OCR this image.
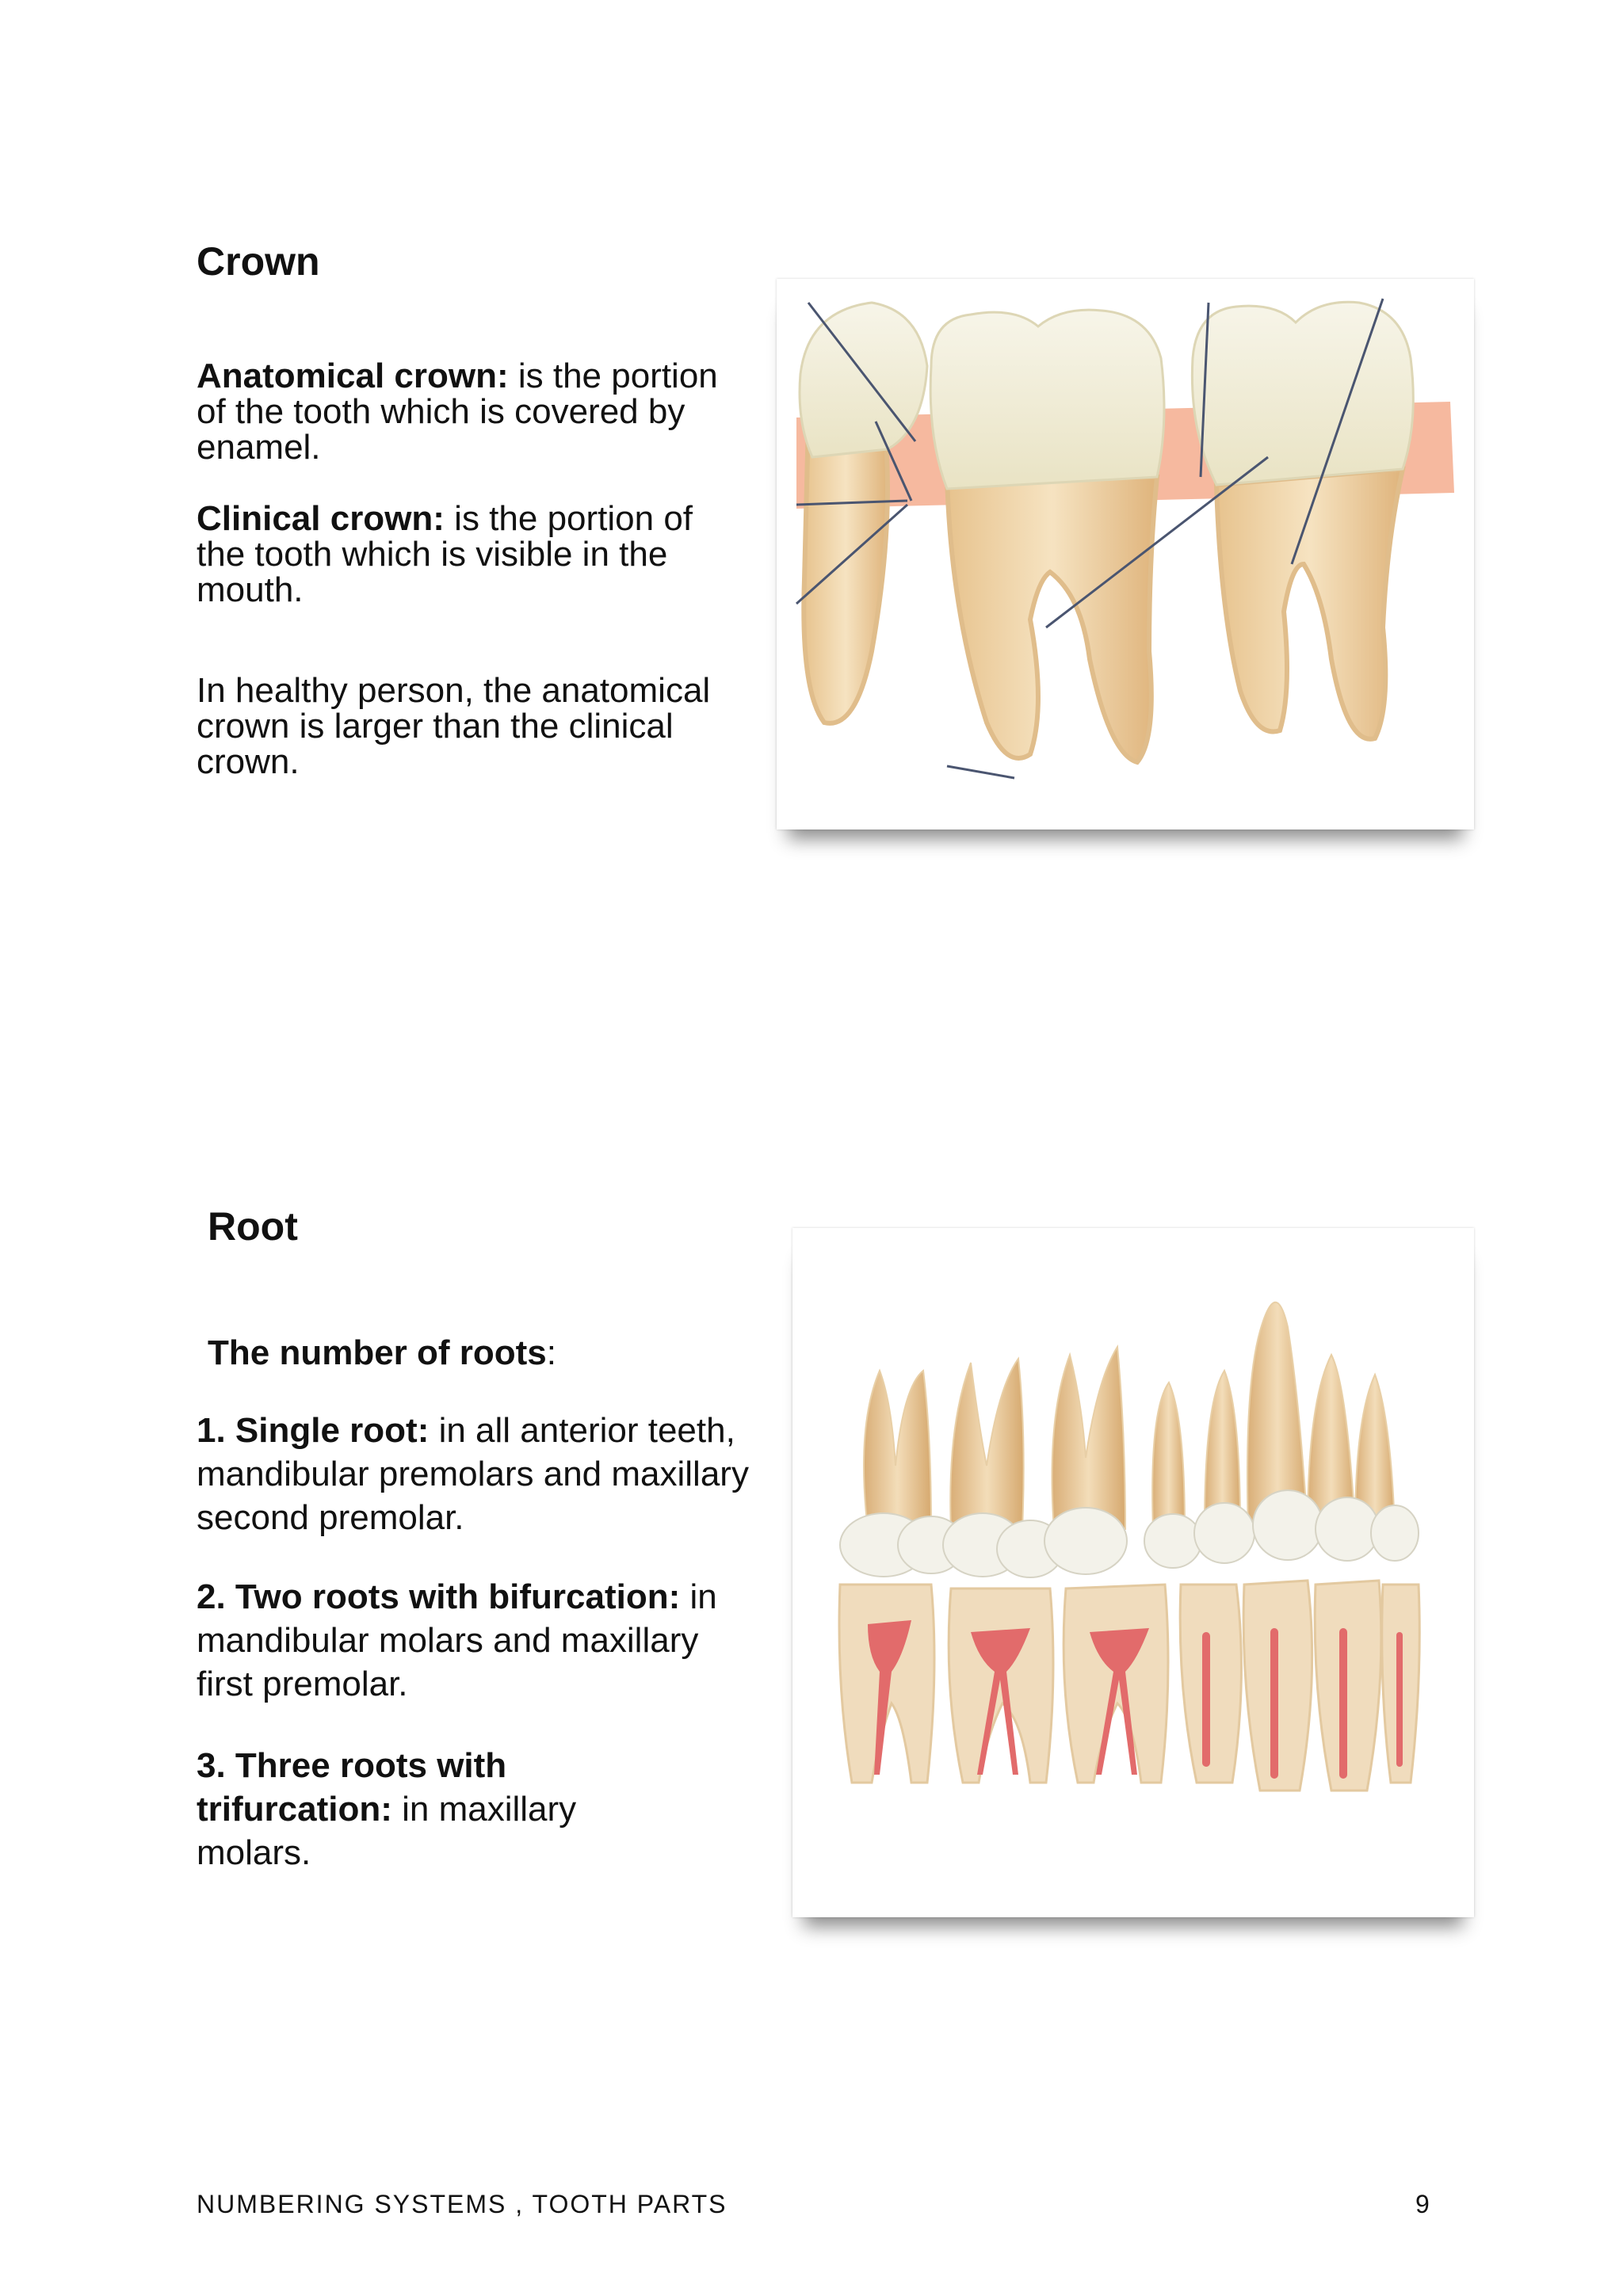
Crown

Anatomical crown: is the portion of the tooth which is covered by enamel.

Clinical crown: is the portion of the tooth which is visible in the mouth.

In healthy person, the anatomical crown is larger than the clinical crown.

Root
The number of roots:

1. Single root: in all anterior teeth, mandibular premolars and maxillary second premolar.

2. Two roots with bifurcation: in mandibular molars and maxillary first premolar.

3. Three roots with trifurcation: in maxillary molars.

NUMBERING SYSTEMS , TOOTH PARTS	9
